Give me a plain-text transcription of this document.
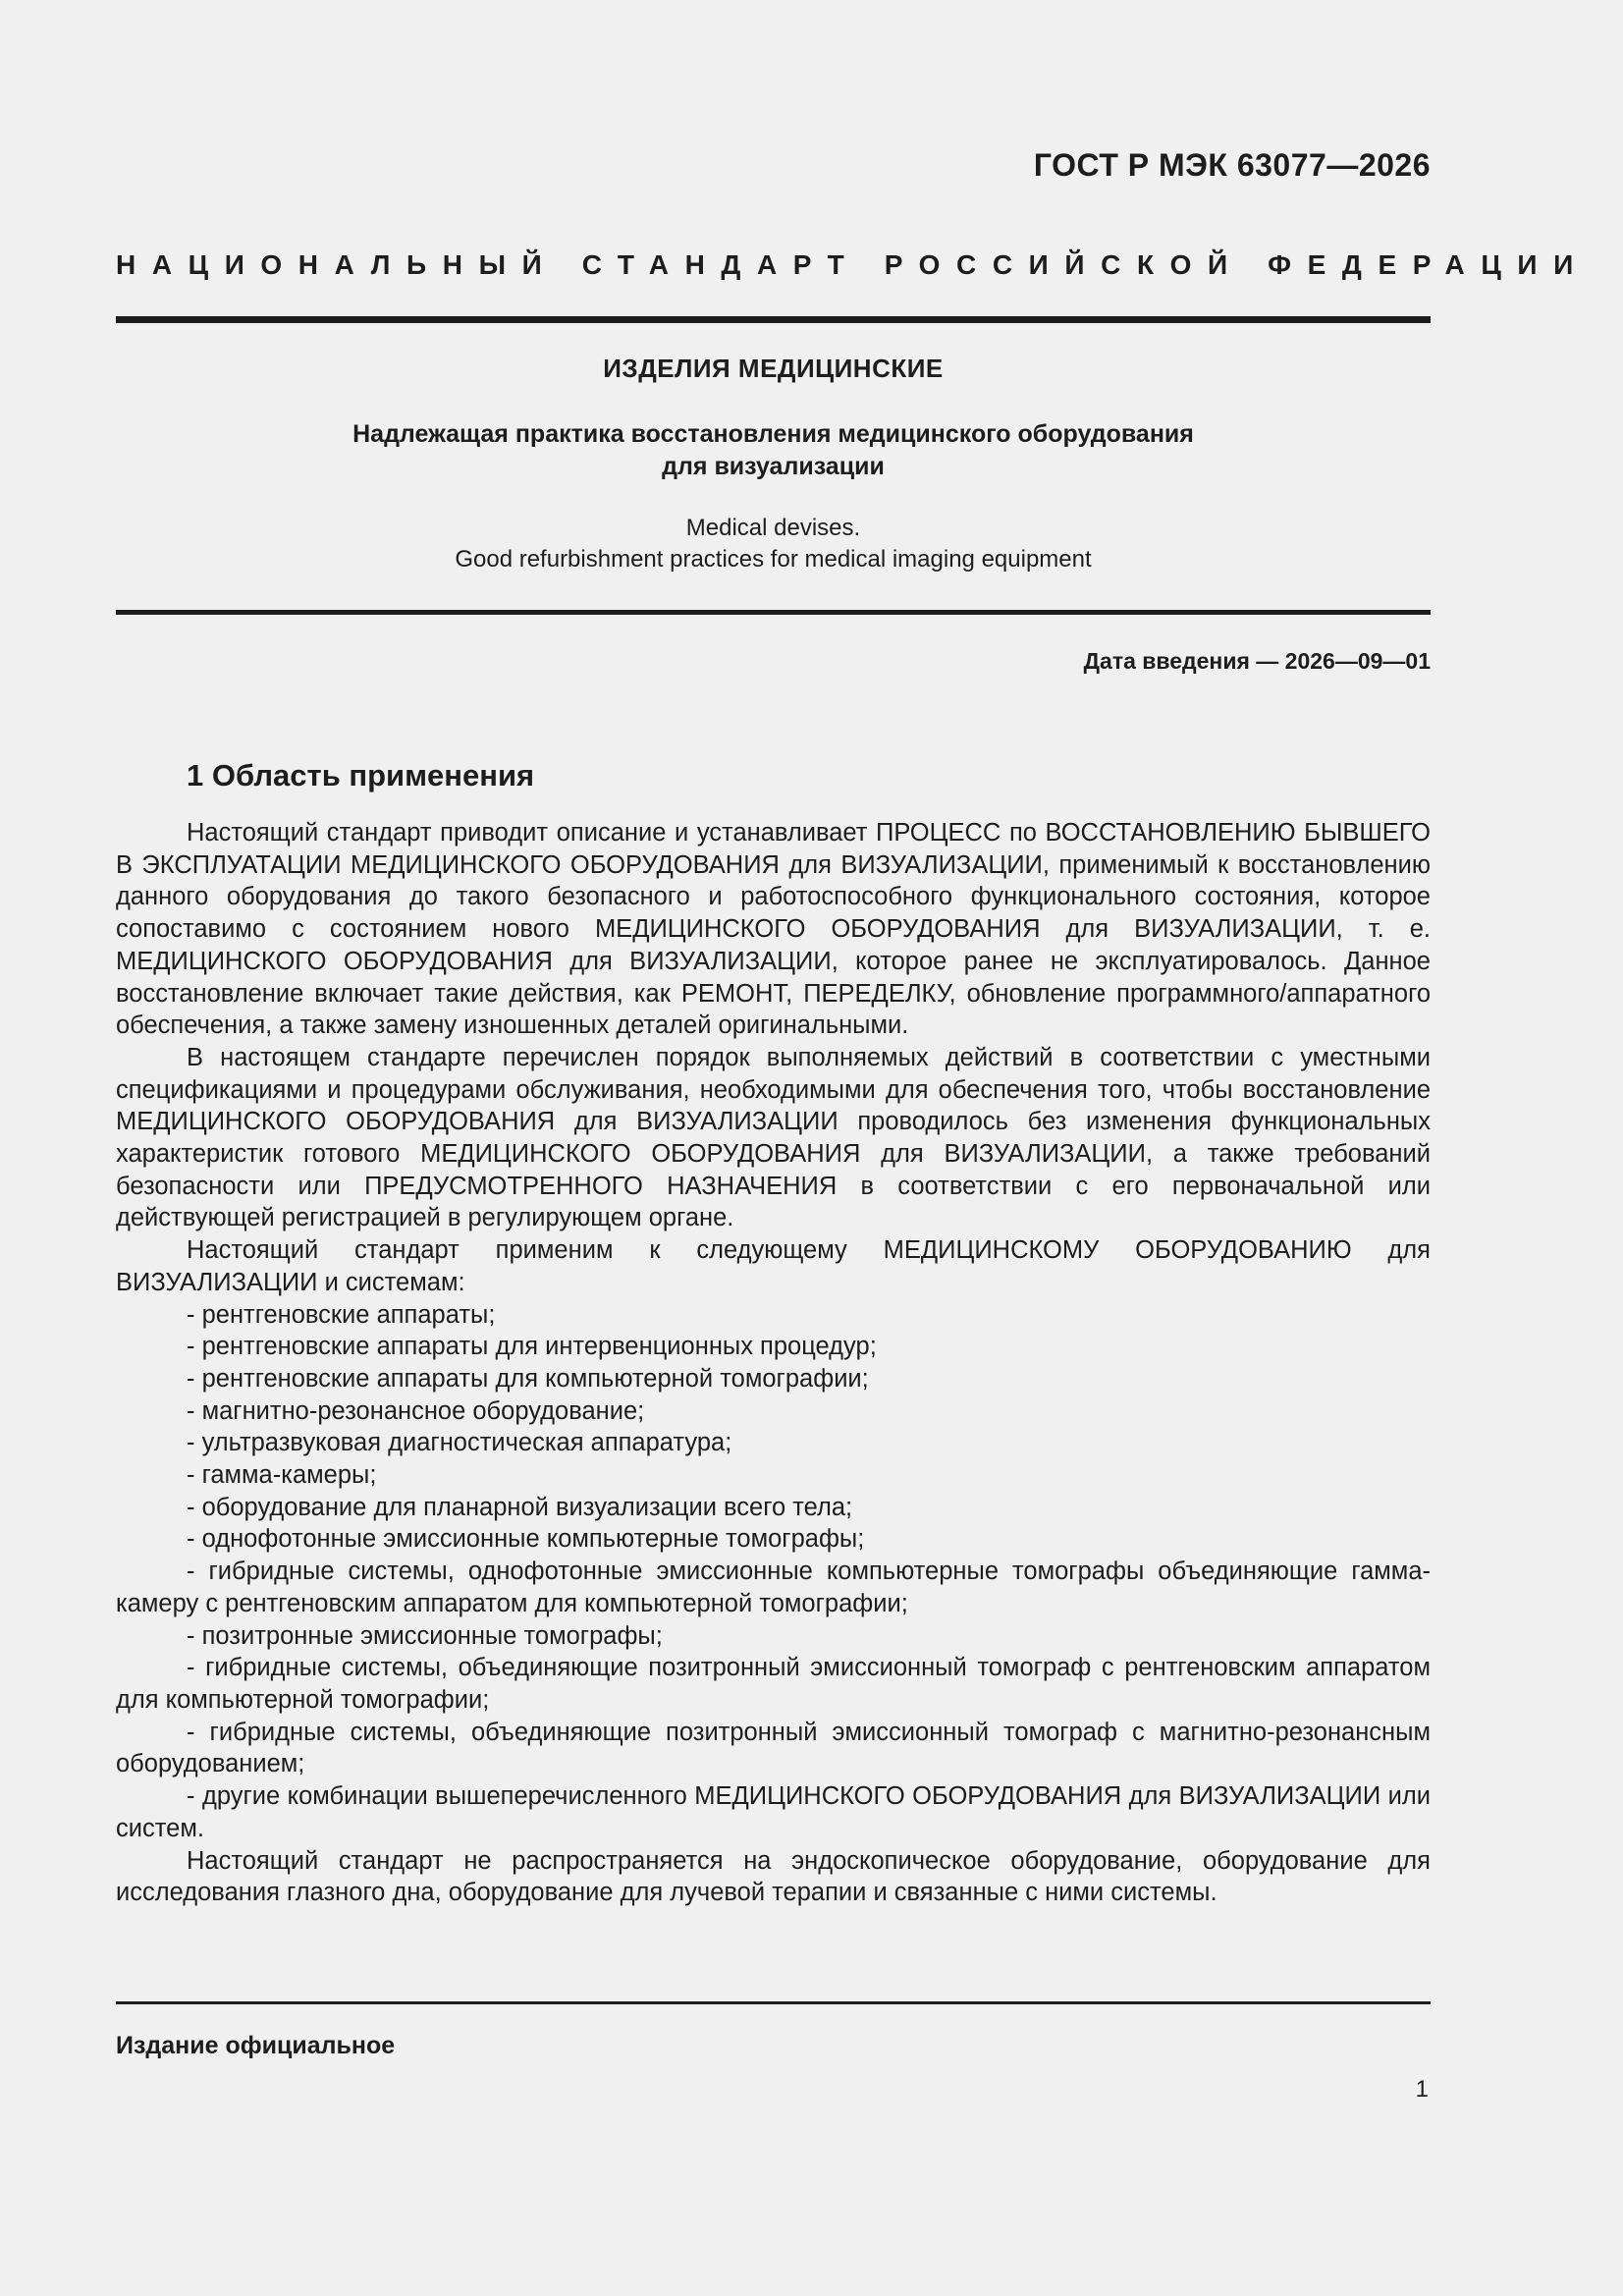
ГОСТ Р МЭК 63077—2026
НАЦИОНАЛЬНЫЙ СТАНДАРТ РОССИЙСКОЙ ФЕДЕРАЦИИ
ИЗДЕЛИЯ МЕДИЦИНСКИЕ
Надлежащая практика восстановления медицинского оборудования
для визуализации
Medical devises.
Good refurbishment practices for medical imaging equipment
Дата введения — 2026—09—01
1 Область применения

Настоящий стандарт приводит описание и устанавливает ПРОЦЕСС по ВОССТАНОВЛЕНИЮ БЫВШЕГО В ЭКСПЛУАТАЦИИ МЕДИЦИНСКОГО ОБОРУДОВАНИЯ для ВИЗУАЛИЗАЦИИ, применимый к восстановлению данного оборудования до такого безопасного и работоспособного функционального состояния, которое сопоставимо с состоянием нового МЕДИЦИНСКОГО ОБОРУДОВАНИЯ для ВИЗУАЛИЗАЦИИ, т. е. МЕДИЦИНСКОГО ОБОРУДОВАНИЯ для ВИЗУАЛИЗАЦИИ, которое ранее не эксплуатировалось. Данное восстановление включает такие действия, как РЕМОНТ, ПЕРЕДЕЛКУ, обновление программного/аппаратного обеспечения, а также замену изношенных деталей оригинальными.

В настоящем стандарте перечислен порядок выполняемых действий в соответствии с уместными спецификациями и процедурами обслуживания, необходимыми для обеспечения того, чтобы восстановление МЕДИЦИНСКОГО ОБОРУДОВАНИЯ для ВИЗУАЛИЗАЦИИ проводилось без изменения функциональных характеристик готового МЕДИЦИНСКОГО ОБОРУДОВАНИЯ для ВИЗУАЛИЗАЦИИ, а также требований безопасности или ПРЕДУСМОТРЕННОГО НАЗНАЧЕНИЯ в соответствии с его первоначальной или действующей регистрацией в регулирующем органе.

Настоящий стандарт применим к следующему МЕДИЦИНСКОМУ ОБОРУДОВАНИЮ для ВИЗУАЛИЗАЦИИ и системам:

- рентгеновские аппараты;
- рентгеновские аппараты для интервенционных процедур;
- рентгеновские аппараты для компьютерной томографии;
- магнитно-резонансное оборудование;
- ультразвуковая диагностическая аппаратура;
- гамма-камеры;
- оборудование для планарной визуализации всего тела;
- однофотонные эмиссионные компьютерные томографы;
- гибридные системы, однофотонные эмиссионные компьютерные томографы объединяющие гамма-камеру с рентгеновским аппаратом для компьютерной томографии;
- позитронные эмиссионные томографы;
- гибридные системы, объединяющие позитронный эмиссионный томограф с рентгеновским аппаратом для компьютерной томографии;
- гибридные системы, объединяющие позитронный эмиссионный томограф с магнитно-резонансным оборудованием;
- другие комбинации вышеперечисленного МЕДИЦИНСКОГО ОБОРУДОВАНИЯ для ВИЗУАЛИЗАЦИИ или систем.

Настоящий стандарт не распространяется на эндоскопическое оборудование, оборудование для исследования глазного дна, оборудование для лучевой терапии и связанные с ними системы.

Издание официальное
1
